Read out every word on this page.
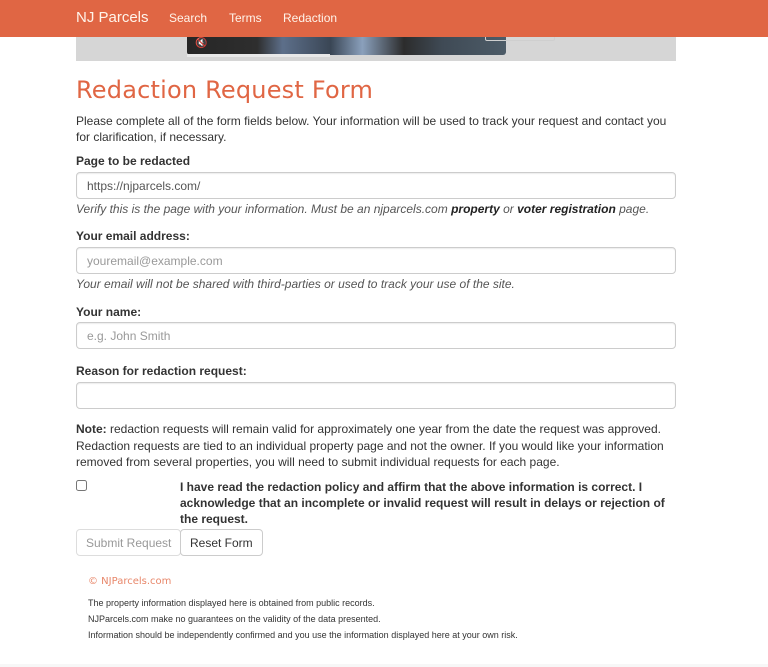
NJ Parcels Search Terms Redaction
🔇
Redaction Request Form

Please complete all of the form fields below. Your information will be used to track your request and contact you for clarification, if necessary.

Page to be redacted
https://njparcels.com/
Verify this is the page with your information. Must be an njparcels.com property or voter registration page.
Your email address:
youremail@example.com
Your email will not be shared with third-parties or used to track your use of the site.
Your name:
e.g. John Smith
Reason for redaction request:

Note: redaction requests will remain valid for approximately one year from the date the request was approved. Redaction requests are tied to an individual property page and not the owner. If you would like your information removed from several properties, you will need to submit individual requests for each page.

I have read the redaction policy and affirm that the above information is correct. I acknowledge that an incomplete or invalid request will result in delays or rejection of the request.
Submit Request	Reset Form
© NJParcels.com
The property information displayed here is obtained from public records.
NJParcels.com make no guarantees on the validity of the data presented.
Information should be independently confirmed and you use the information displayed here at your own risk.
